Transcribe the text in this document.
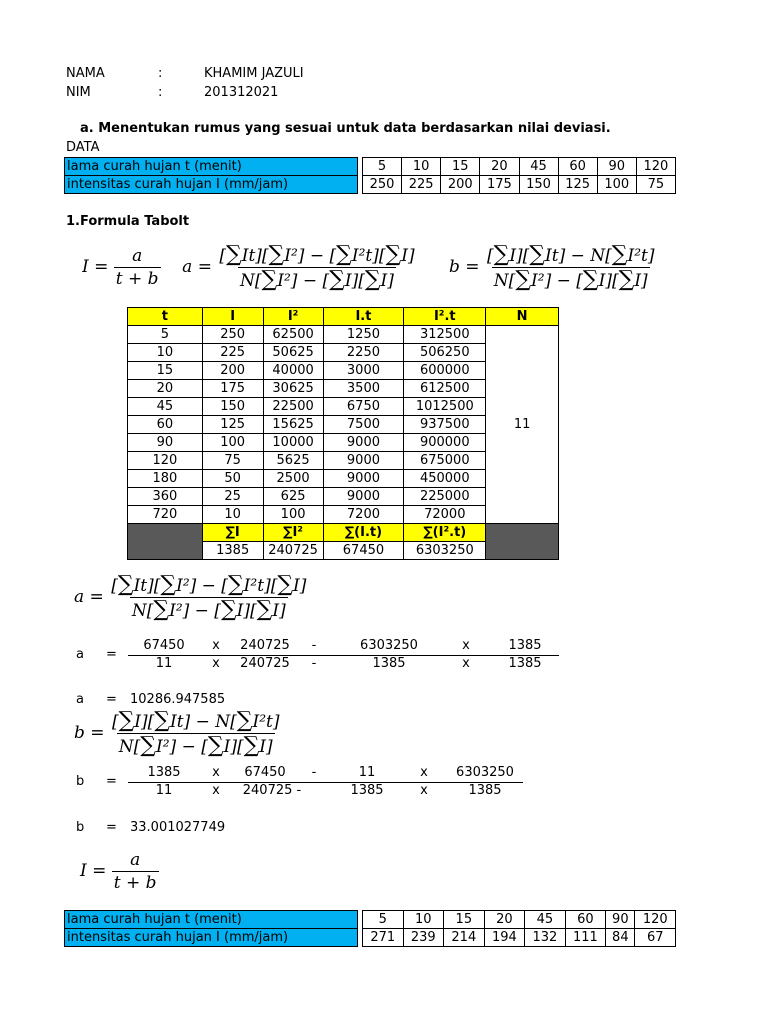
NAMA	:	KHAMIM JAZULI
NIM	:	201312021
a. Menentukan rumus yang sesuai untuk data berdasarkan nilai deviasi.
DATA
lama curah hujan t (menit)		5	10	15	20	45	60	90	120
intensitas curah hujan I (mm/jam)		250	225	200	175	150	125	100	75
1.Formula Tabolt
$I = \frac{a}{t + b}$ $a = \frac{\text{[∑It][∑I²] − [∑I²t][∑I]}}{\text{N[∑I²] − [∑I][∑I]}}$ $b = \frac{\text{[∑I][∑It] − N[∑I²t]}}{\text{N[∑I²] − [∑I][∑I]}}$
t	I	I²	I.t	I².t	N
5	250	62500	1250	312500	11
10	225	50625	2250	506250	
15	200	40000	3000	600000	
20	175	30625	3500	612500	
45	150	22500	6750	1012500	
60	125	15625	7500	937500	
90	100	10000	9000	900000	
120	75	5625	9000	675000	
180	50	2500	9000	450000	
360	25	625	9000	225000	
720	10	100	7200	72000	
	∑I	∑I²	∑(I.t)	∑(I².t)	
	1385	240725	67450	6303250	
$a = \frac{\text{[∑It][∑I²] − [∑I²t][∑I]}}{\text{N[∑I²] − [∑I][∑I]}}$
a =
67450	x	240725	-	6303250	x	1385
11	x	240725	-	1385	x	1385
a = 10286.947585
$b = \frac{\text{[∑I][∑It] − N[∑I²t]}}{\text{N[∑I²] − [∑I][∑I]}}$
b =
1385	x	67450	-	11	x	6303250
11	x	240725 -	1385	x	1385
b = 33.001027749
$I = \frac{a}{t + b}$
lama curah hujan t (menit)		5	10	15	20	45	60	90	120
intensitas curah hujan I (mm/jam)		271	239	214	194	132	111	84	67
